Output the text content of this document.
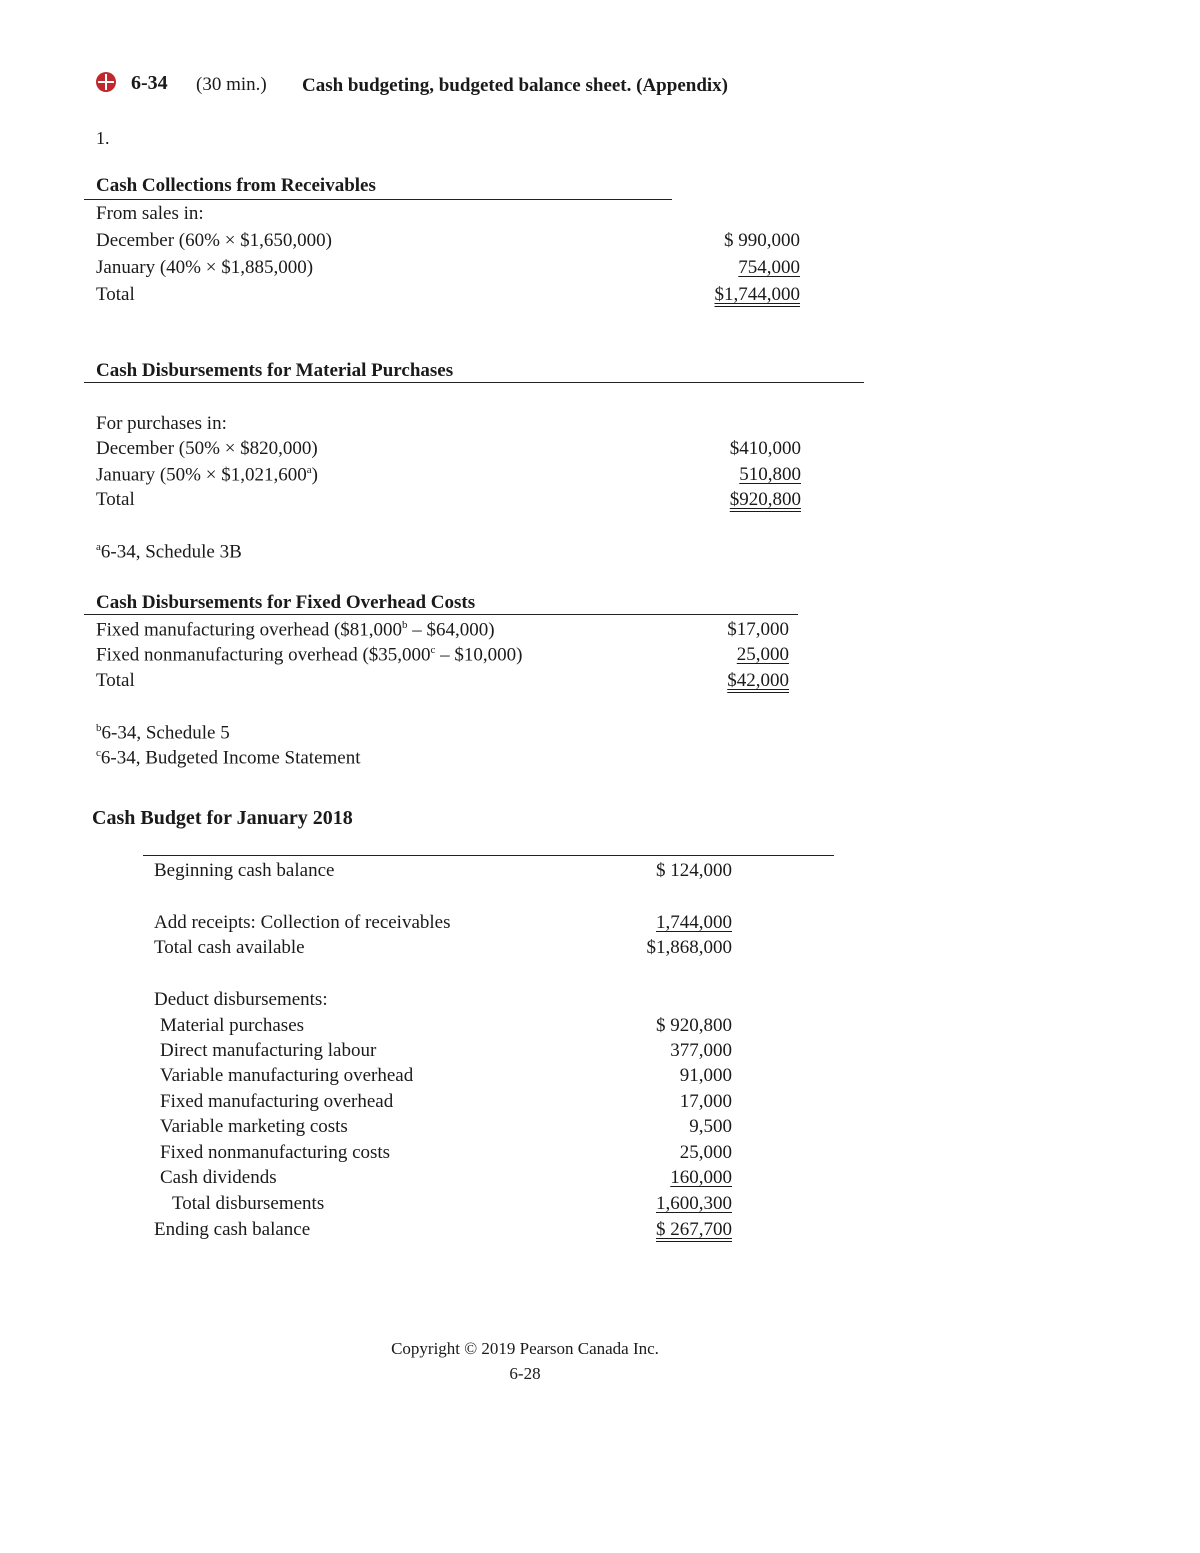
6-34 (30 min.) Cash budgeting, budgeted balance sheet. (Appendix)
1.
Cash Collections from Receivables
From sales in:
December (60% × $1,650,000)	$ 990,000
January (40% × $1,885,000)	754,000
Total	$1,744,000
Cash Disbursements for Material Purchases
For purchases in:
December (50% × $820,000)	$410,000
January (50% × $1,021,600$^a$)	510,800
Total	$920,800
$^a$6-34, Schedule 3B
Cash Disbursements for Fixed Overhead Costs
Fixed manufacturing overhead ($81,000$^b$ – $64,000)	$17,000
Fixed nonmanufacturing overhead ($35,000$^c$ – $10,000)	25,000
Total	$42,000
$^b$6-34, Schedule 5
$^c$6-34, Budgeted Income Statement
Cash Budget for January 2018
Beginning cash balance	$ 124,000
Add receipts: Collection of receivables	1,744,000
Total cash available	$1,868,000
Deduct disbursements:
Material purchases	$ 920,800
Direct manufacturing labour	377,000
Variable manufacturing overhead	91,000
Fixed manufacturing overhead	17,000
Variable marketing costs	9,500
Fixed nonmanufacturing costs	25,000
Cash dividends	160,000
Total disbursements	1,600,300
Ending cash balance	$ 267,700
Copyright © 2019 Pearson Canada Inc.
6-28
